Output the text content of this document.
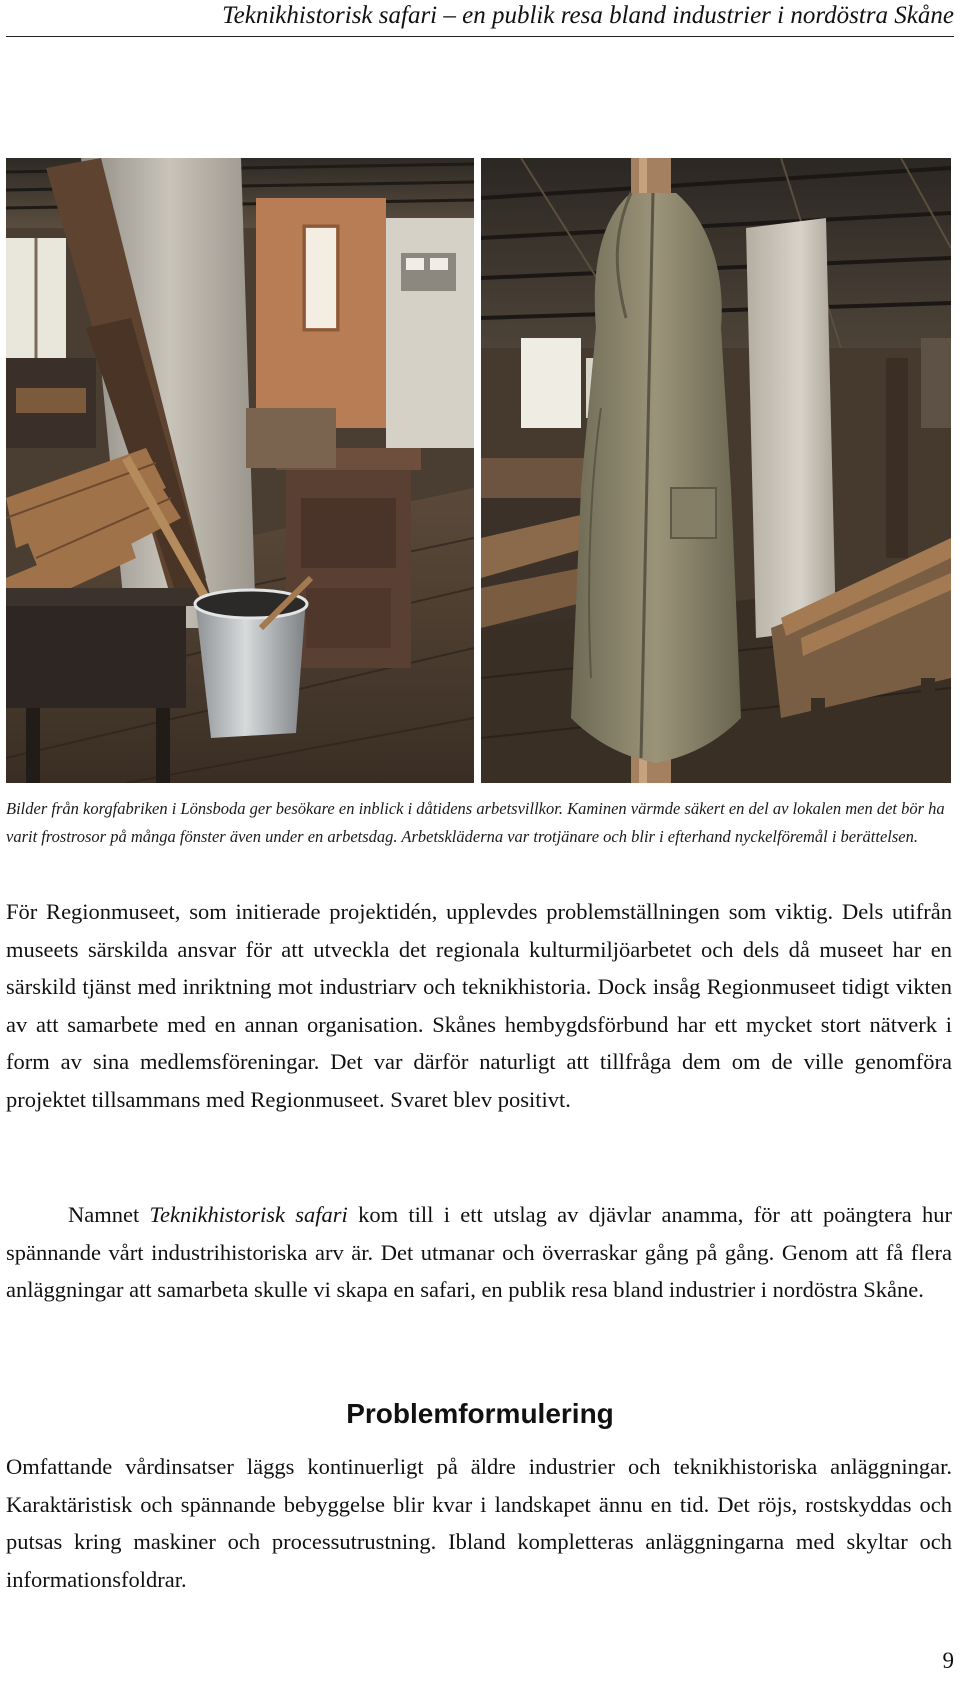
Teknikhistorisk safari – en publik resa bland industrier i nordöstra Skåne

Bilder från korgfabriken i Lönsboda ger besökare en inblick i dåtidens arbetsvillkor. Kaminen värmde säkert en del av lokalen men det bör ha varit frostrosor på många fönster även under en arbetsdag. Arbetskläderna var trotjänare och blir i efterhand nyckelföremål i berättelsen.

För Regionmuseet, som initierade projektidén, upplevdes problemställningen som viktig. Dels utifrån museets särskilda ansvar för att utveckla det regionala kulturmiljöarbetet och dels då museet har en särskild tjänst med inriktning mot industriarv och teknikhistoria. Dock insåg Regionmuseet tidigt vikten av att samarbete med en annan organisation. Skånes hembygdsförbund har ett mycket stort nätverk i form av sina medlemsföreningar. Det var därför naturligt att tillfråga dem om de ville genomföra projektet tillsammans med Regionmuseet. Svaret blev positivt.

Namnet Teknikhistorisk safari kom till i ett utslag av djävlar anamma, för att poängtera hur spännande vårt industrihistoriska arv är. Det utmanar och överraskar gång på gång. Genom att få flera anläggningar att samarbeta skulle vi skapa en safari, en publik resa bland industrier i nordöstra Skåne.

Problemformulering

Omfattande vårdinsatser läggs kontinuerligt på äldre industrier och teknikhistoriska anläggningar. Karaktäristisk och spännande bebyggelse blir kvar i landskapet ännu en tid. Det röjs, rostskyddas och putsas kring maskiner och processutrustning. Ibland kompletteras anläggningarna med skyltar och informationsfoldrar.

9
